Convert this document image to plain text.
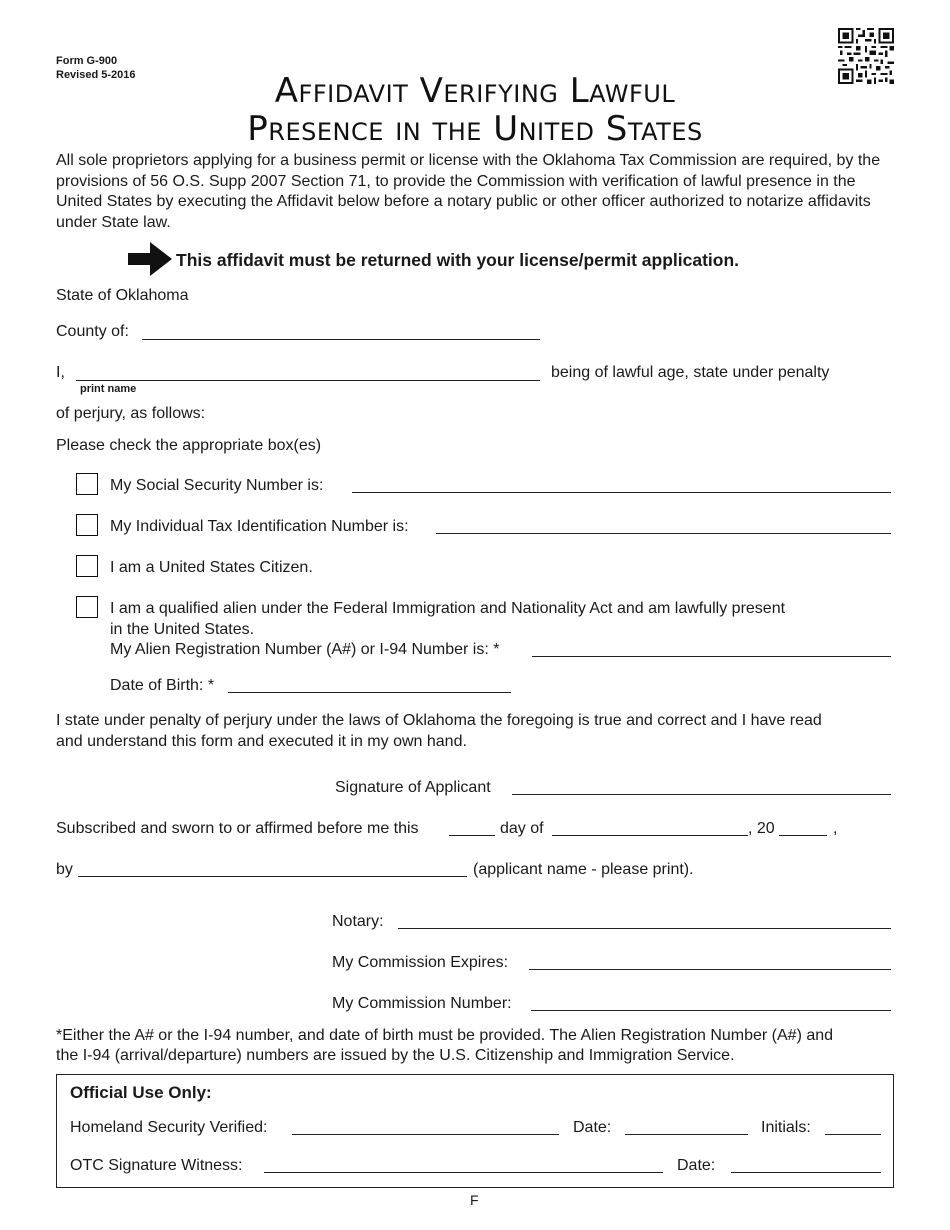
Form G-900
Revised 5-2016	Affidavit Verifying Lawful
Presence in the United States
All sole proprietors applying for a business permit or license with the Oklahoma Tax Commission are required, by the provisions of 56 O.S. Supp 2007 Section 71, to provide the Commission with verification of lawful presence in the United States by executing the Affidavit below before a notary public or other officer authorized to notarize affidavits under State law.
This affidavit must be returned with your license/permit application.
State of Oklahoma
County of:
I,
print name
being of lawful age, state under penalty
of perjury, as follows:
Please check the appropriate box(es)
My Social Security Number is:
My Individual Tax Identification Number is:
I am a United States Citizen.
I am a qualified alien under the Federal Immigration and Nationality Act and am lawfully present
in the United States.
My Alien Registration Number (A#) or I-94 Number is: *
Date of Birth: *
I state under penalty of perjury under the laws of Oklahoma the foregoing is true and correct and I have read
and understand this form and executed it in my own hand.
Signature of Applicant
Subscribed and sworn to or affirmed before me this	day of	, 20	,
by	(applicant name - please print).
Notary:
My Commission Expires:
My Commission Number:
*Either the A# or the I-94 number, and date of birth must be provided. The Alien Registration Number (A#) and
the I-94 (arrival/departure) numbers are issued by the U.S. Citizenship and Immigration Service.
Official Use Only:
Homeland Security Verified:	Date:	Initials:
OTC Signature Witness:	Date:
F
